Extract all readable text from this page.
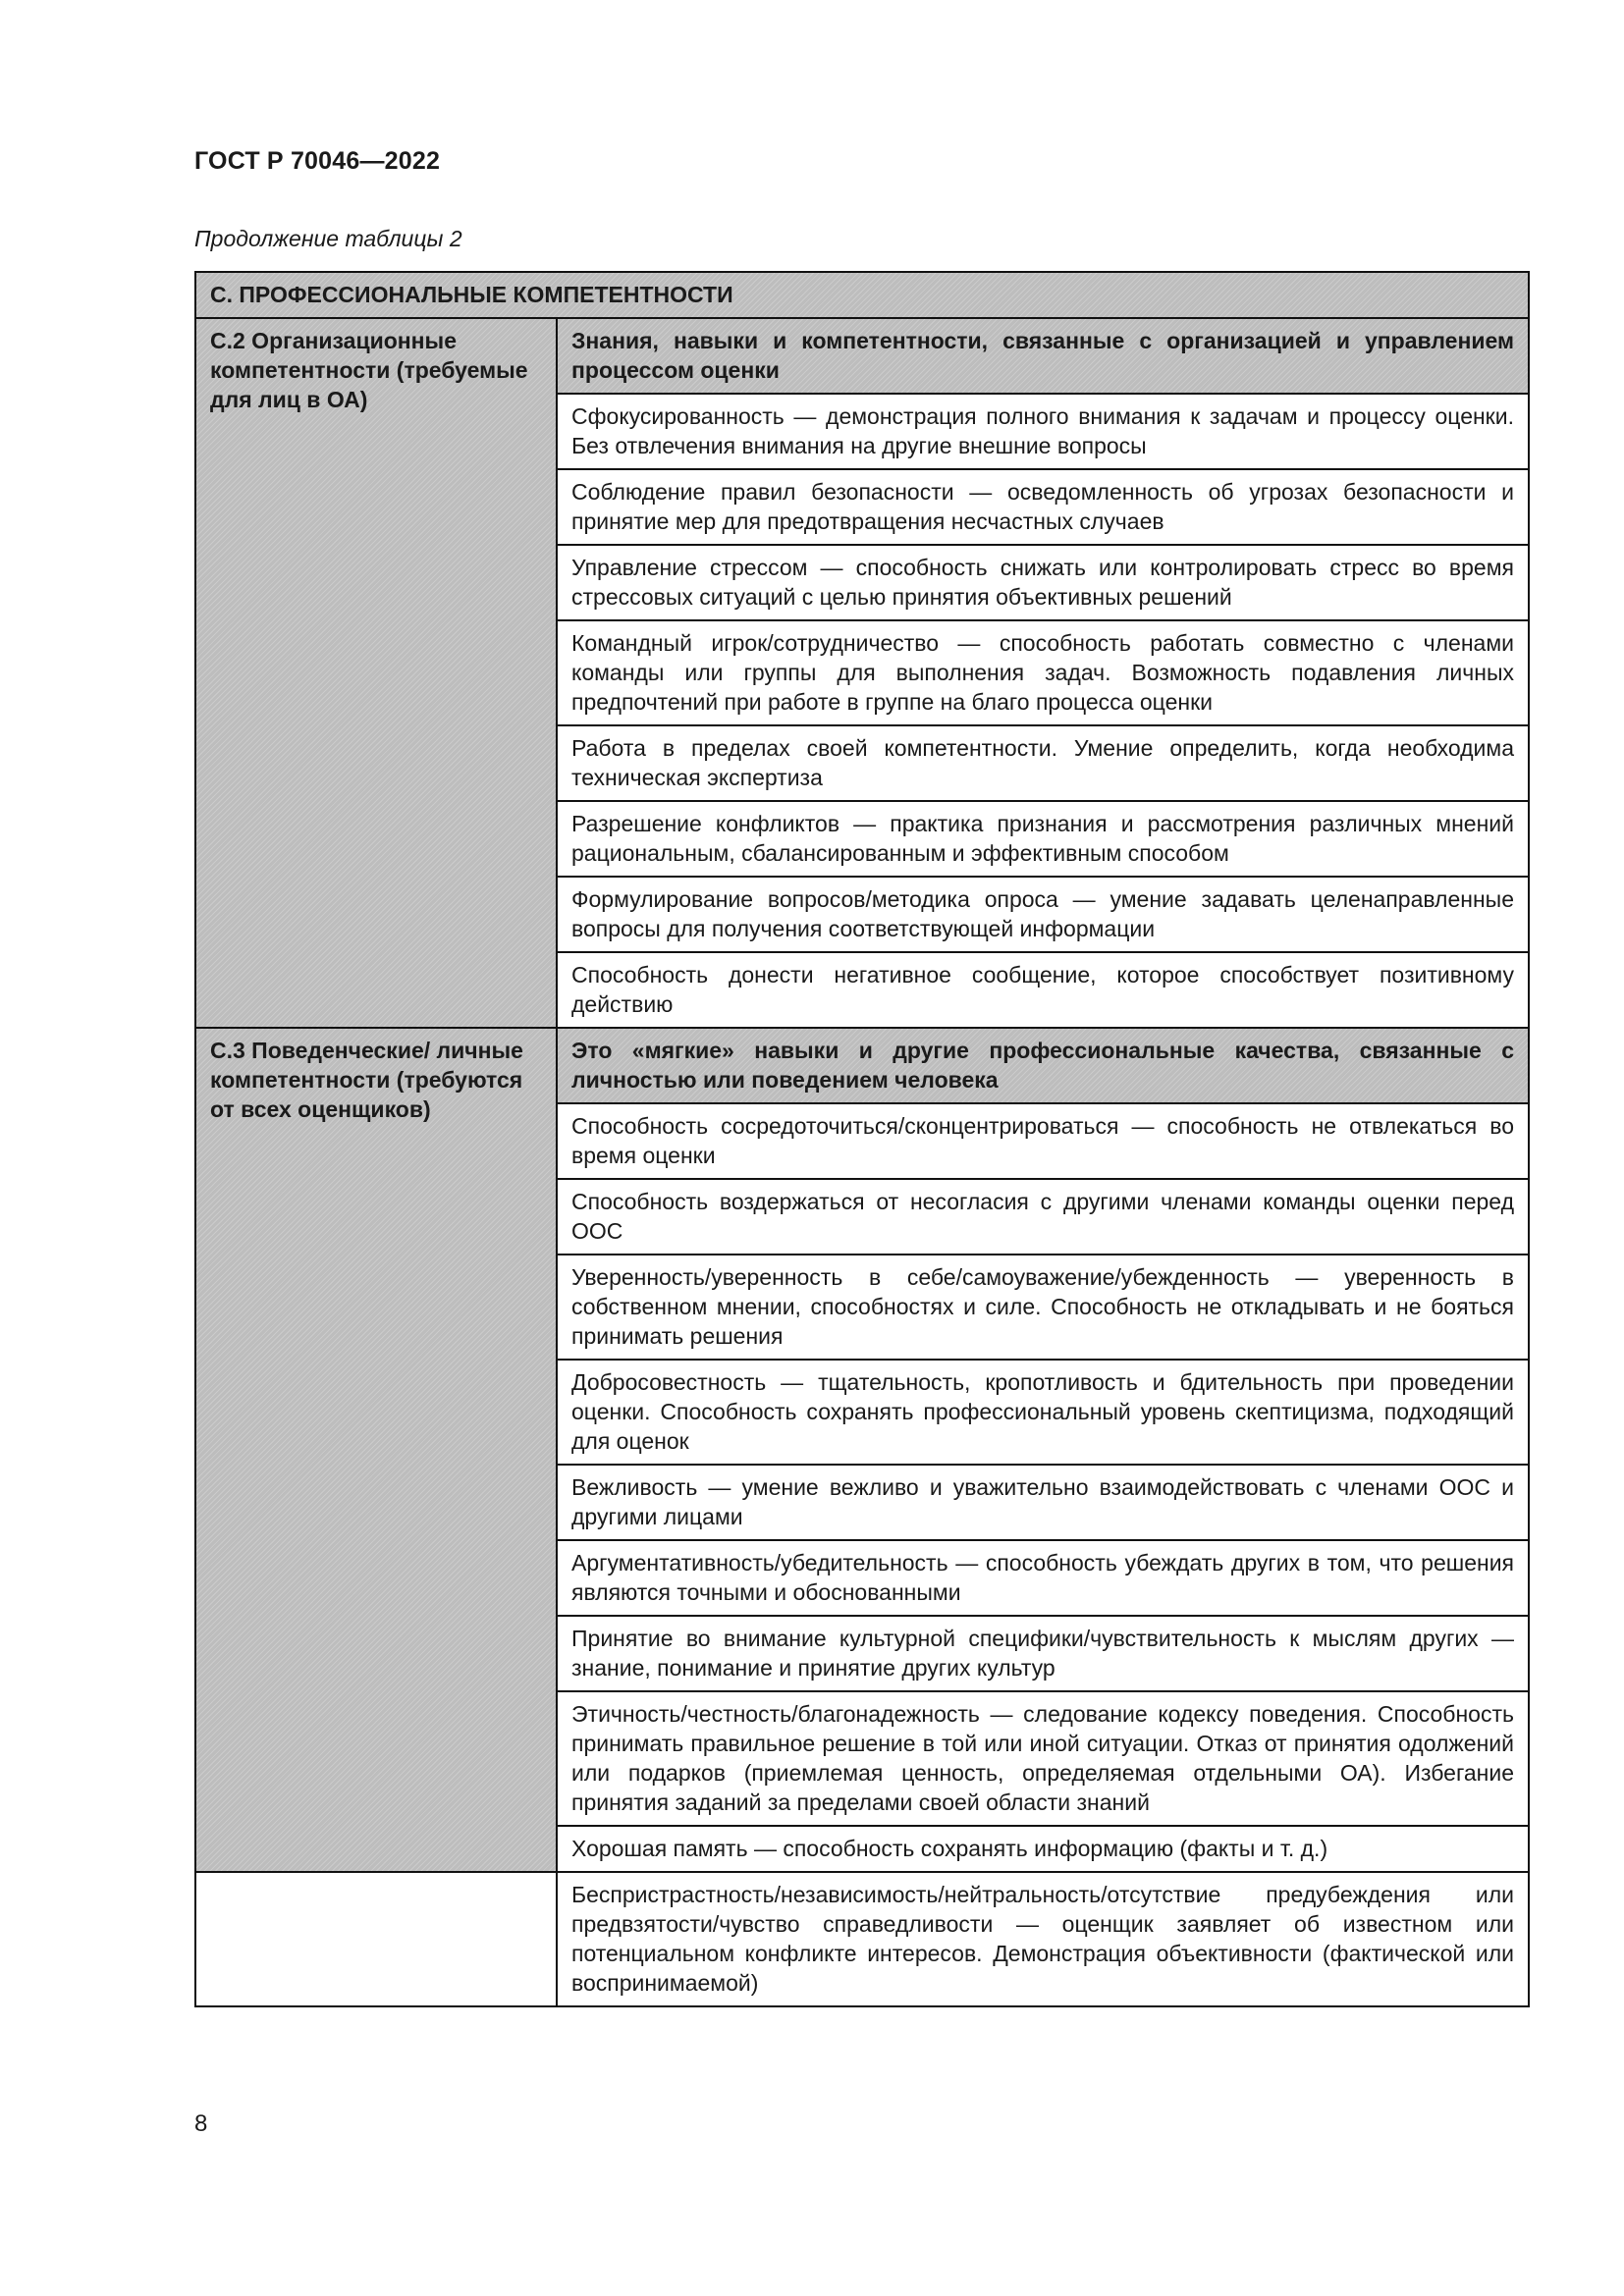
ГОСТ Р 70046—2022
Продолжение таблицы 2
С. ПРОФЕССИОНАЛЬНЫЕ КОМПЕТЕНТНОСТИ	
С.2 Организационные компетентности (требуемые для лиц в ОА)	Знания, навыки и компетентности, связанные с организацией и управлением процессом оценки
	Сфокусированность — демонстрация полного внимания к задачам и процессу оценки. Без отвлечения внимания на другие внешние вопросы
	Соблюдение правил безопасности — осведомленность об угрозах безопасности и принятие мер для предотвращения несчастных случаев
	Управление стрессом — способность снижать или контролировать стресс во время стрессовых ситуаций с целью принятия объективных решений
	Командный игрок/сотрудничество — способность работать совместно с членами команды или группы для выполнения задач. Возможность подавления личных предпочтений при работе в группе на благо процесса оценки
	Работа в пределах своей компетентности. Умение определить, когда необходима техническая экспертиза
	Разрешение конфликтов — практика признания и рассмотрения различных мнений рациональным, сбалансированным и эффективным способом
	Формулирование вопросов/методика опроса — умение задавать целенаправленные вопросы для получения соответствующей информации
	Способность донести негативное сообщение, которое способствует позитивному действию
С.3 Поведенческие/ личные компетентности (требуются от всех оценщиков)	Это «мягкие» навыки и другие профессиональные качества, связанные с личностью или поведением человека
	Способность сосредоточиться/сконцентрироваться — способность не отвлекаться во время оценки
	Способность воздержаться от несогласия с другими членами команды оценки перед ООС
	Уверенность/уверенность в себе/самоуважение/убежденность — уверенность в собственном мнении, способностях и силе. Способность не откладывать и не бояться принимать решения
	Добросовестность — тщательность, кропотливость и бдительность при проведении оценки. Способность сохранять профессиональный уровень скептицизма, подходящий для оценок
	Вежливость — умение вежливо и уважительно взаимодействовать с членами ООС и другими лицами
	Аргументативность/убедительность — способность убеждать других в том, что решения являются точными и обоснованными
	Принятие во внимание культурной специфики/чувствительность к мыслям других — знание, понимание и принятие других культур
	Этичность/честность/благонадежность — следование кодексу поведения. Способность принимать правильное решение в той или иной ситуации. Отказ от принятия одолжений или подарков (приемлемая ценность, определяемая отдельными ОА). Избегание принятия заданий за пределами своей области знаний
	Хорошая память — способность сохранять информацию (факты и т. д.)
	Беспристрастность/независимость/нейтральность/отсутствие предубеждения или предвзятости/чувство справедливости — оценщик заявляет об известном или потенциальном конфликте интересов. Демонстрация объективности (фактической или воспринимаемой)
8
